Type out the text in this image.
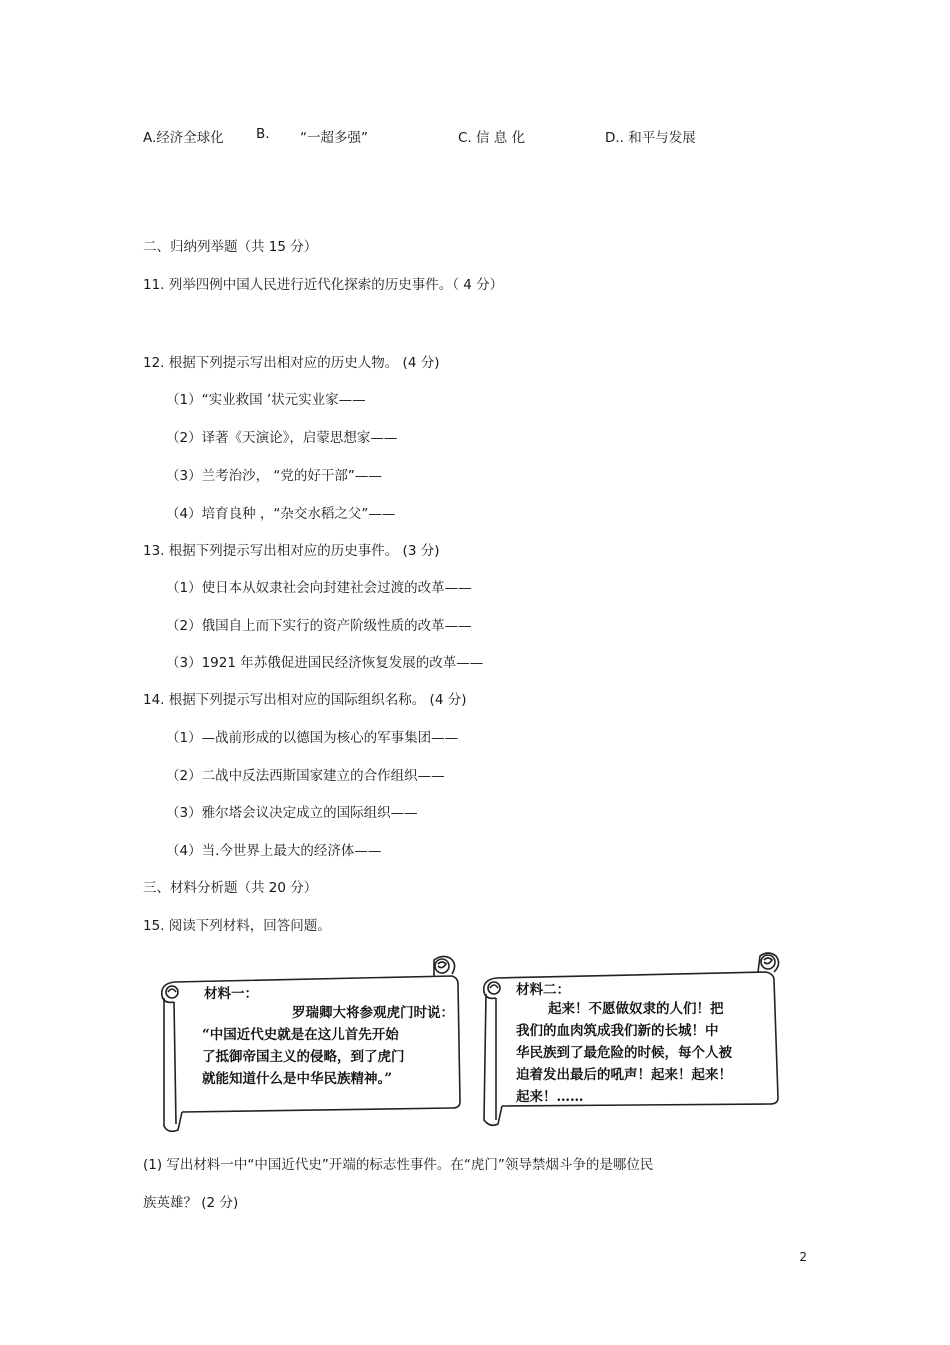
A.经济全球化 B. “一超多强”	C. 信 息 化	D.. 和平与发展
二、归纳列举题（共 15 分）
11. 列举四例中国人民进行近代化探索的历史事件。（ 4 分）
12. 根据下列提示写出相对应的历史人物。 (4 分)
（1）“实业救国 ’状元实业家——
（2）译著《天演论》，启蒙思想家——
（3）兰考治沙， “党的好干部”——
（4）培育良种 ，“杂交水稻之父”——
13. 根据下列提示写出相对应的历史事件。 (3 分)
（1）使日本从奴隶社会向封建社会过渡的改革——
（2）俄国自上而下实行的资产阶级性质的改革——
（3）1921 年苏俄促进国民经济恢复发展的改革——
14. 根据下列提示写出相对应的国际组织名称。 (4 分)
（1）—战前形成的以德国为核心的军事集团——
（2）二战中反法西斯国家建立的合作组织——
（3）雅尔塔会议决定成立的国际组织——
（4）当.今世界上最大的经济体——
三、材料分析题（共 20 分）
15. 阅读下列材料，回答问题。
材料一：
罗瑞卿大将参观虎门时说：
“中国近代史就是在这儿首先开始
了抵御帝国主义的侵略，到了虎门
就能知道什么是中华民族精神。”
材料二：
起来！不愿做奴隶的人们！把
我们的血肉筑成我们新的长城！中
华民族到了最危险的时候，每个人被
迫着发出最后的吼声！起来！起来！
起来！……
(1) 写出材料一中“中国近代史”开端的标志性事件。在“虎门”领导禁烟斗争的是哪位民
族英雄？ (2 分)
2
